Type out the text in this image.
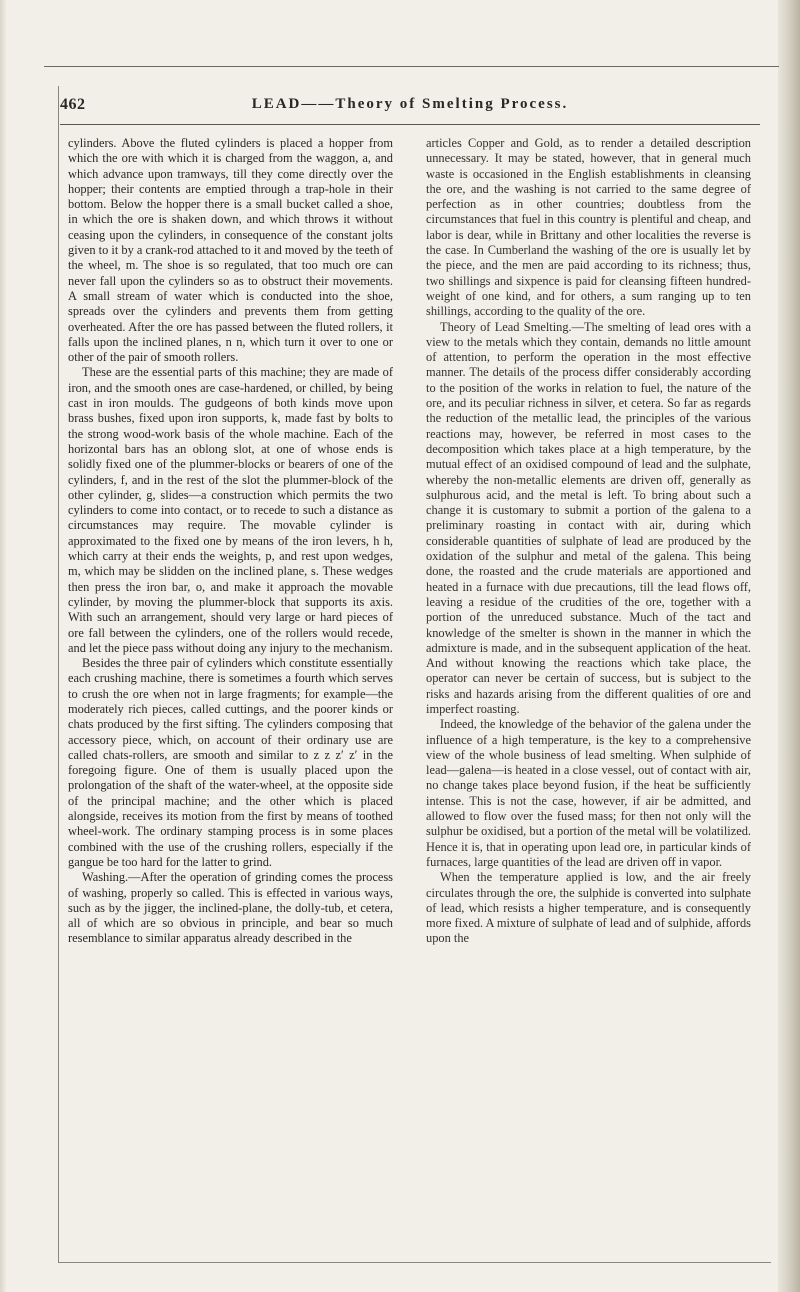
462	LEAD——Theory of Smelting Process.

cylinders. Above the fluted cylinders is placed a hopper from which the ore with which it is charged from the waggon, a, and which advance upon tramways, till they come directly over the hopper; their contents are emptied through a trap-hole in their bottom. Below the hopper there is a small bucket called a shoe, in which the ore is shaken down, and which throws it without ceasing upon the cylinders, in consequence of the constant jolts given to it by a crank-rod attached to it and moved by the teeth of the wheel, m. The shoe is so regulated, that too much ore can never fall upon the cylinders so as to obstruct their movements. A small stream of water which is conducted into the shoe, spreads over the cylinders and prevents them from getting overheated. After the ore has passed between the fluted rollers, it falls upon the inclined planes, n n, which turn it over to one or other of the pair of smooth rollers.

These are the essential parts of this machine; they are made of iron, and the smooth ones are case-hardened, or chilled, by being cast in iron moulds. The gudgeons of both kinds move upon brass bushes, fixed upon iron supports, k, made fast by bolts to the strong wood-work basis of the whole machine. Each of the horizontal bars has an oblong slot, at one of whose ends is solidly fixed one of the plummer-blocks or bearers of one of the cylinders, f, and in the rest of the slot the plummer-block of the other cylinder, g, slides—a construction which permits the two cylinders to come into contact, or to recede to such a distance as circumstances may require. The movable cylinder is approximated to the fixed one by means of the iron levers, h h, which carry at their ends the weights, p, and rest upon wedges, m, which may be slidden on the inclined plane, s. These wedges then press the iron bar, o, and make it approach the movable cylinder, by moving the plummer-block that supports its axis. With such an arrangement, should very large or hard pieces of ore fall between the cylinders, one of the rollers would recede, and let the piece pass without doing any injury to the mechanism.

Besides the three pair of cylinders which constitute essentially each crushing machine, there is sometimes a fourth which serves to crush the ore when not in large fragments; for example—the moderately rich pieces, called cuttings, and the poorer kinds or chats produced by the first sifting. The cylinders composing that accessory piece, which, on account of their ordinary use are called chats-rollers, are smooth and similar to z z z′ z′ in the foregoing figure. One of them is usually placed upon the prolongation of the shaft of the water-wheel, at the opposite side of the principal machine; and the other which is placed alongside, receives its motion from the first by means of toothed wheel-work. The ordinary stamping process is in some places combined with the use of the crushing rollers, especially if the gangue be too hard for the latter to grind.

Washing.—After the operation of grinding comes the process of washing, properly so called. This is effected in various ways, such as by the jigger, the inclined-plane, the dolly-tub, et cetera, all of which are so obvious in principle, and bear so much resemblance to similar apparatus already described in the

articles Copper and Gold, as to render a detailed description unnecessary. It may be stated, however, that in general much waste is occasioned in the English establishments in cleansing the ore, and the washing is not carried to the same degree of perfection as in other countries; doubtless from the circumstances that fuel in this country is plentiful and cheap, and labor is dear, while in Brittany and other localities the reverse is the case. In Cumberland the washing of the ore is usually let by the piece, and the men are paid according to its richness; thus, two shillings and sixpence is paid for cleansing fifteen hundred-weight of one kind, and for others, a sum ranging up to ten shillings, according to the quality of the ore.

Theory of Lead Smelting.—The smelting of lead ores with a view to the metals which they contain, demands no little amount of attention, to perform the operation in the most effective manner. The details of the process differ considerably according to the position of the works in relation to fuel, the nature of the ore, and its peculiar richness in silver, et cetera. So far as regards the reduction of the metallic lead, the principles of the various reactions may, however, be referred in most cases to the decomposition which takes place at a high temperature, by the mutual effect of an oxidised compound of lead and the sulphate, whereby the non-metallic elements are driven off, generally as sulphurous acid, and the metal is left. To bring about such a change it is customary to submit a portion of the galena to a preliminary roasting in contact with air, during which considerable quantities of sulphate of lead are produced by the oxidation of the sulphur and metal of the galena. This being done, the roasted and the crude materials are apportioned and heated in a furnace with due precautions, till the lead flows off, leaving a residue of the crudities of the ore, together with a portion of the unreduced substance. Much of the tact and knowledge of the smelter is shown in the manner in which the admixture is made, and in the subsequent application of the heat. And without knowing the reactions which take place, the operator can never be certain of success, but is subject to the risks and hazards arising from the different qualities of ore and imperfect roasting.

Indeed, the knowledge of the behavior of the galena under the influence of a high temperature, is the key to a comprehensive view of the whole business of lead smelting. When sulphide of lead—galena—is heated in a close vessel, out of contact with air, no change takes place beyond fusion, if the heat be sufficiently intense. This is not the case, however, if air be admitted, and allowed to flow over the fused mass; for then not only will the sulphur be oxidised, but a portion of the metal will be volatilized. Hence it is, that in operating upon lead ore, in particular kinds of furnaces, large quantities of the lead are driven off in vapor.

When the temperature applied is low, and the air freely circulates through the ore, the sulphide is converted into sulphate of lead, which resists a higher temperature, and is consequently more fixed. A mixture of sulphate of lead and of sulphide, affords upon the
